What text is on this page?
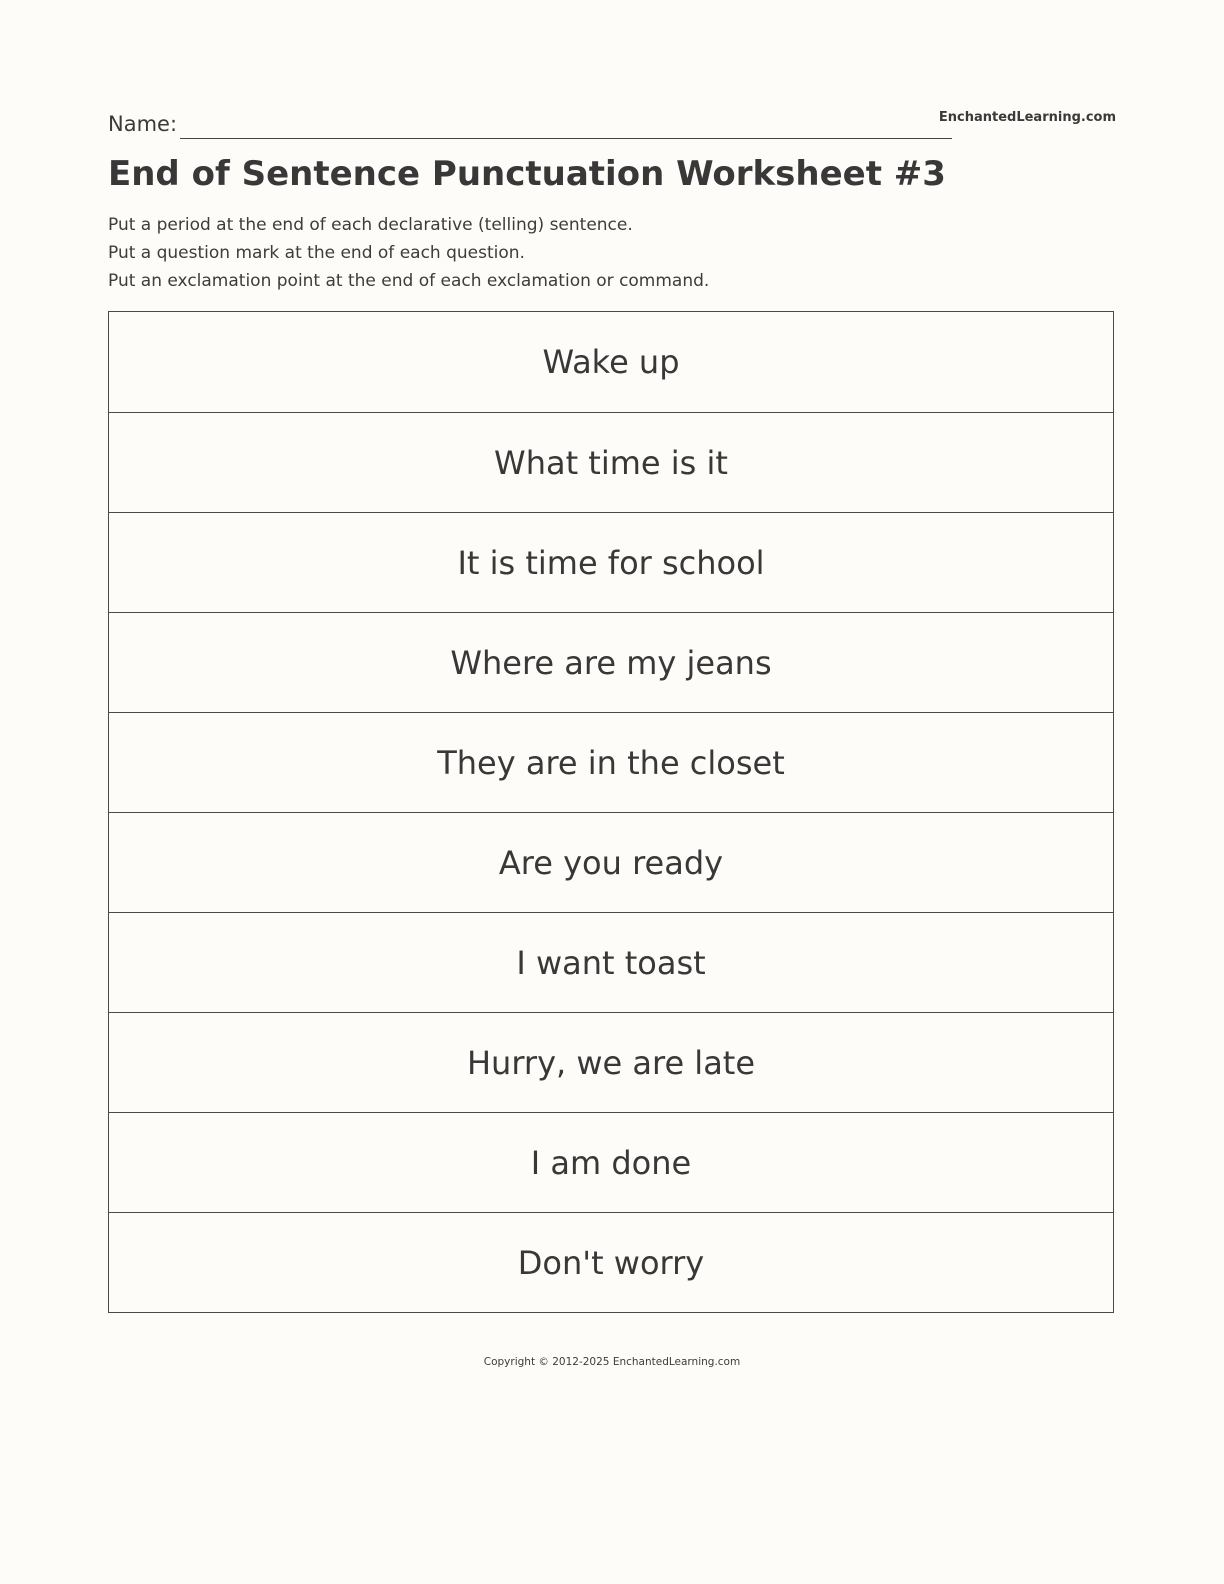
Name:	EnchantedLearning.com
End of Sentence Punctuation Worksheet #3
Put a period at the end of each declarative (telling) sentence.
Put a question mark at the end of each question.
Put an exclamation point at the end of each exclamation or command.
Wake up
What time is it
It is time for school
Where are my jeans
They are in the closet
Are you ready
I want toast
Hurry, we are late
I am done
Don't worry
Copyright © 2012-2025 EnchantedLearning.com
